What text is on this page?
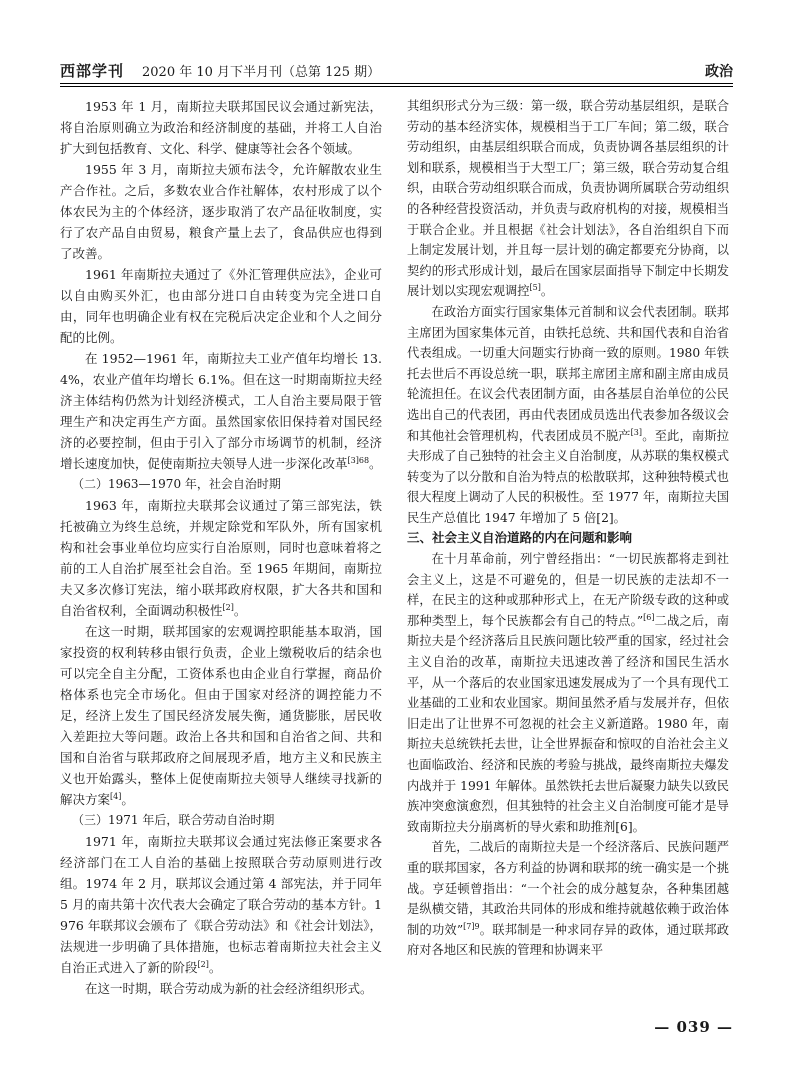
西部学刊 2020 年 10 月下半月刊（总第 125 期）	政治

1953 年 1 月，南斯拉夫联邦国民议会通过新宪法，将自治原则确立为政治和经济制度的基础，并将工人自治扩大到包括教育、文化、科学、健康等社会各个领域。

1955 年 3 月，南斯拉夫颁布法令，允许解散农业生产合作社。之后，多数农业合作社解体，农村形成了以个体农民为主的个体经济，逐步取消了农产品征收制度，实行了农产品自由贸易，粮食产量上去了，食品供应也得到了改善。

1961 年南斯拉夫通过了《外汇管理供应法》，企业可以自由购买外汇，也由部分进口自由转变为完全进口自由，同年也明确企业有权在完税后决定企业和个人之间分配的比例。

在 1952—1961 年，南斯拉夫工业产值年均增长 13.4%，农业产值年均增长 6.1%。但在这一时期南斯拉夫经济主体结构仍然为计划经济模式，工人自治主要局限于管理生产和决定再生产方面。虽然国家依旧保持着对国民经济的必要控制，但由于引入了部分市场调节的机制，经济增长速度加快，促使南斯拉夫领导人进一步深化改革$^{[3]68}$。

（二）1963—1970 年，社会自治时期

1963 年，南斯拉夫联邦会议通过了第三部宪法，铁托被确立为终生总统，并规定除党和军队外，所有国家机构和社会事业单位均应实行自治原则，同时也意味着将之前的工人自治扩展至社会自治。至 1965 年期间，南斯拉夫又多次修订宪法，缩小联邦政府权限，扩大各共和国和自治省权利，全面调动积极性[2]。

在这一时期，联邦国家的宏观调控职能基本取消，国家投资的权利转移由银行负责，企业上缴税收后的结余也可以完全自主分配，工资体系也由企业自行掌握，商品价格体系也完全市场化。但由于国家对经济的调控能力不足，经济上发生了国民经济发展失衡，通货膨胀，居民收入差距拉大等问题。政治上各共和国和自治省之间、共和国和自治省与联邦政府之间展现矛盾，地方主义和民族主义也开始露头，整体上促使南斯拉夫领导人继续寻找新的解决方案[4]。

（三）1971 年后，联合劳动自治时期

1971 年，南斯拉夫联邦议会通过宪法修正案要求各经济部门在工人自治的基础上按照联合劳动原则进行改组。1974 年 2 月，联邦议会通过第 4 部宪法，并于同年 5 月的南共第十次代表大会确定了联合劳动的基本方针。1976 年联邦议会颁布了《联合劳动法》和《社会计划法》，法规进一步明确了具体措施，也标志着南斯拉夫社会主义自治正式进入了新的阶段[2]。

在这一时期，联合劳动成为新的社会经济组织形式。

其组织形式分为三级：第一级，联合劳动基层组织，是联合劳动的基本经济实体，规模相当于工厂车间；第二级，联合劳动组织，由基层组织联合而成，负责协调各基层组织的计划和联系，规模相当于大型工厂；第三级，联合劳动复合组织，由联合劳动组织联合而成，负责协调所属联合劳动组织的各种经营投资活动，并负责与政府机构的对接，规模相当于联合企业。并且根据《社会计划法》，各自治组织自下而上制定发展计划，并且每一层计划的确定都要充分协商，以契约的形式形成计划，最后在国家层面指导下制定中长期发展计划以实现宏观调控[5]。

在政治方面实行国家集体元首制和议会代表团制。联邦主席团为国家集体元首，由铁托总统、共和国代表和自治省代表组成。一切重大问题实行协商一致的原则。1980 年铁托去世后不再设总统一职，联邦主席团主席和副主席由成员轮流担任。在议会代表团制方面，由各基层自治单位的公民选出自己的代表团，再由代表团成员选出代表参加各级议会和其他社会管理机构，代表团成员不脱产[3]。至此，南斯拉夫形成了自己独特的社会主义自治制度，从苏联的集权模式转变为了以分散和自治为特点的松散联邦，这种独特模式也很大程度上调动了人民的积极性。至 1977 年，南斯拉夫国民生产总值比 1947 年增加了 5 倍[2]。

三、社会主义自治道路的内在问题和影响

在十月革命前，列宁曾经指出：“一切民族都将走到社会主义上，这是不可避免的，但是一切民族的走法却不一样，在民主的这种或那种形式上，在无产阶级专政的这种或那种类型上，每个民族都会有自己的特点。”[6]二战之后，南斯拉夫是个经济落后且民族问题比较严重的国家，经过社会主义自治的改革，南斯拉夫迅速改善了经济和国民生活水平，从一个落后的农业国家迅速发展成为了一个具有现代工业基础的工业和农业国家。期间虽然矛盾与发展并存，但依旧走出了让世界不可忽视的社会主义新道路。1980 年，南斯拉夫总统铁托去世，让全世界振奋和惊叹的自治社会主义也面临政治、经济和民族的考验与挑战，最终南斯拉夫爆发内战并于 1991 年解体。虽然铁托去世后凝聚力缺失以致民族冲突愈演愈烈，但其独特的社会主义自治制度可能才是导致南斯拉夫分崩离析的导火索和助推剂[6]。

首先，二战后的南斯拉夫是一个经济落后、民族问题严重的联邦国家，各方利益的协调和联邦的统一确实是一个挑战。亨廷顿曾指出：“一个社会的成分越复杂，各种集团越是纵横交错，其政治共同体的形成和维持就越依赖于政治体制的功效”$^{[7]9}$。联邦制是一种求同存异的政体，通过联邦政府对各地区和民族的管理和协调来平

— 039 —
